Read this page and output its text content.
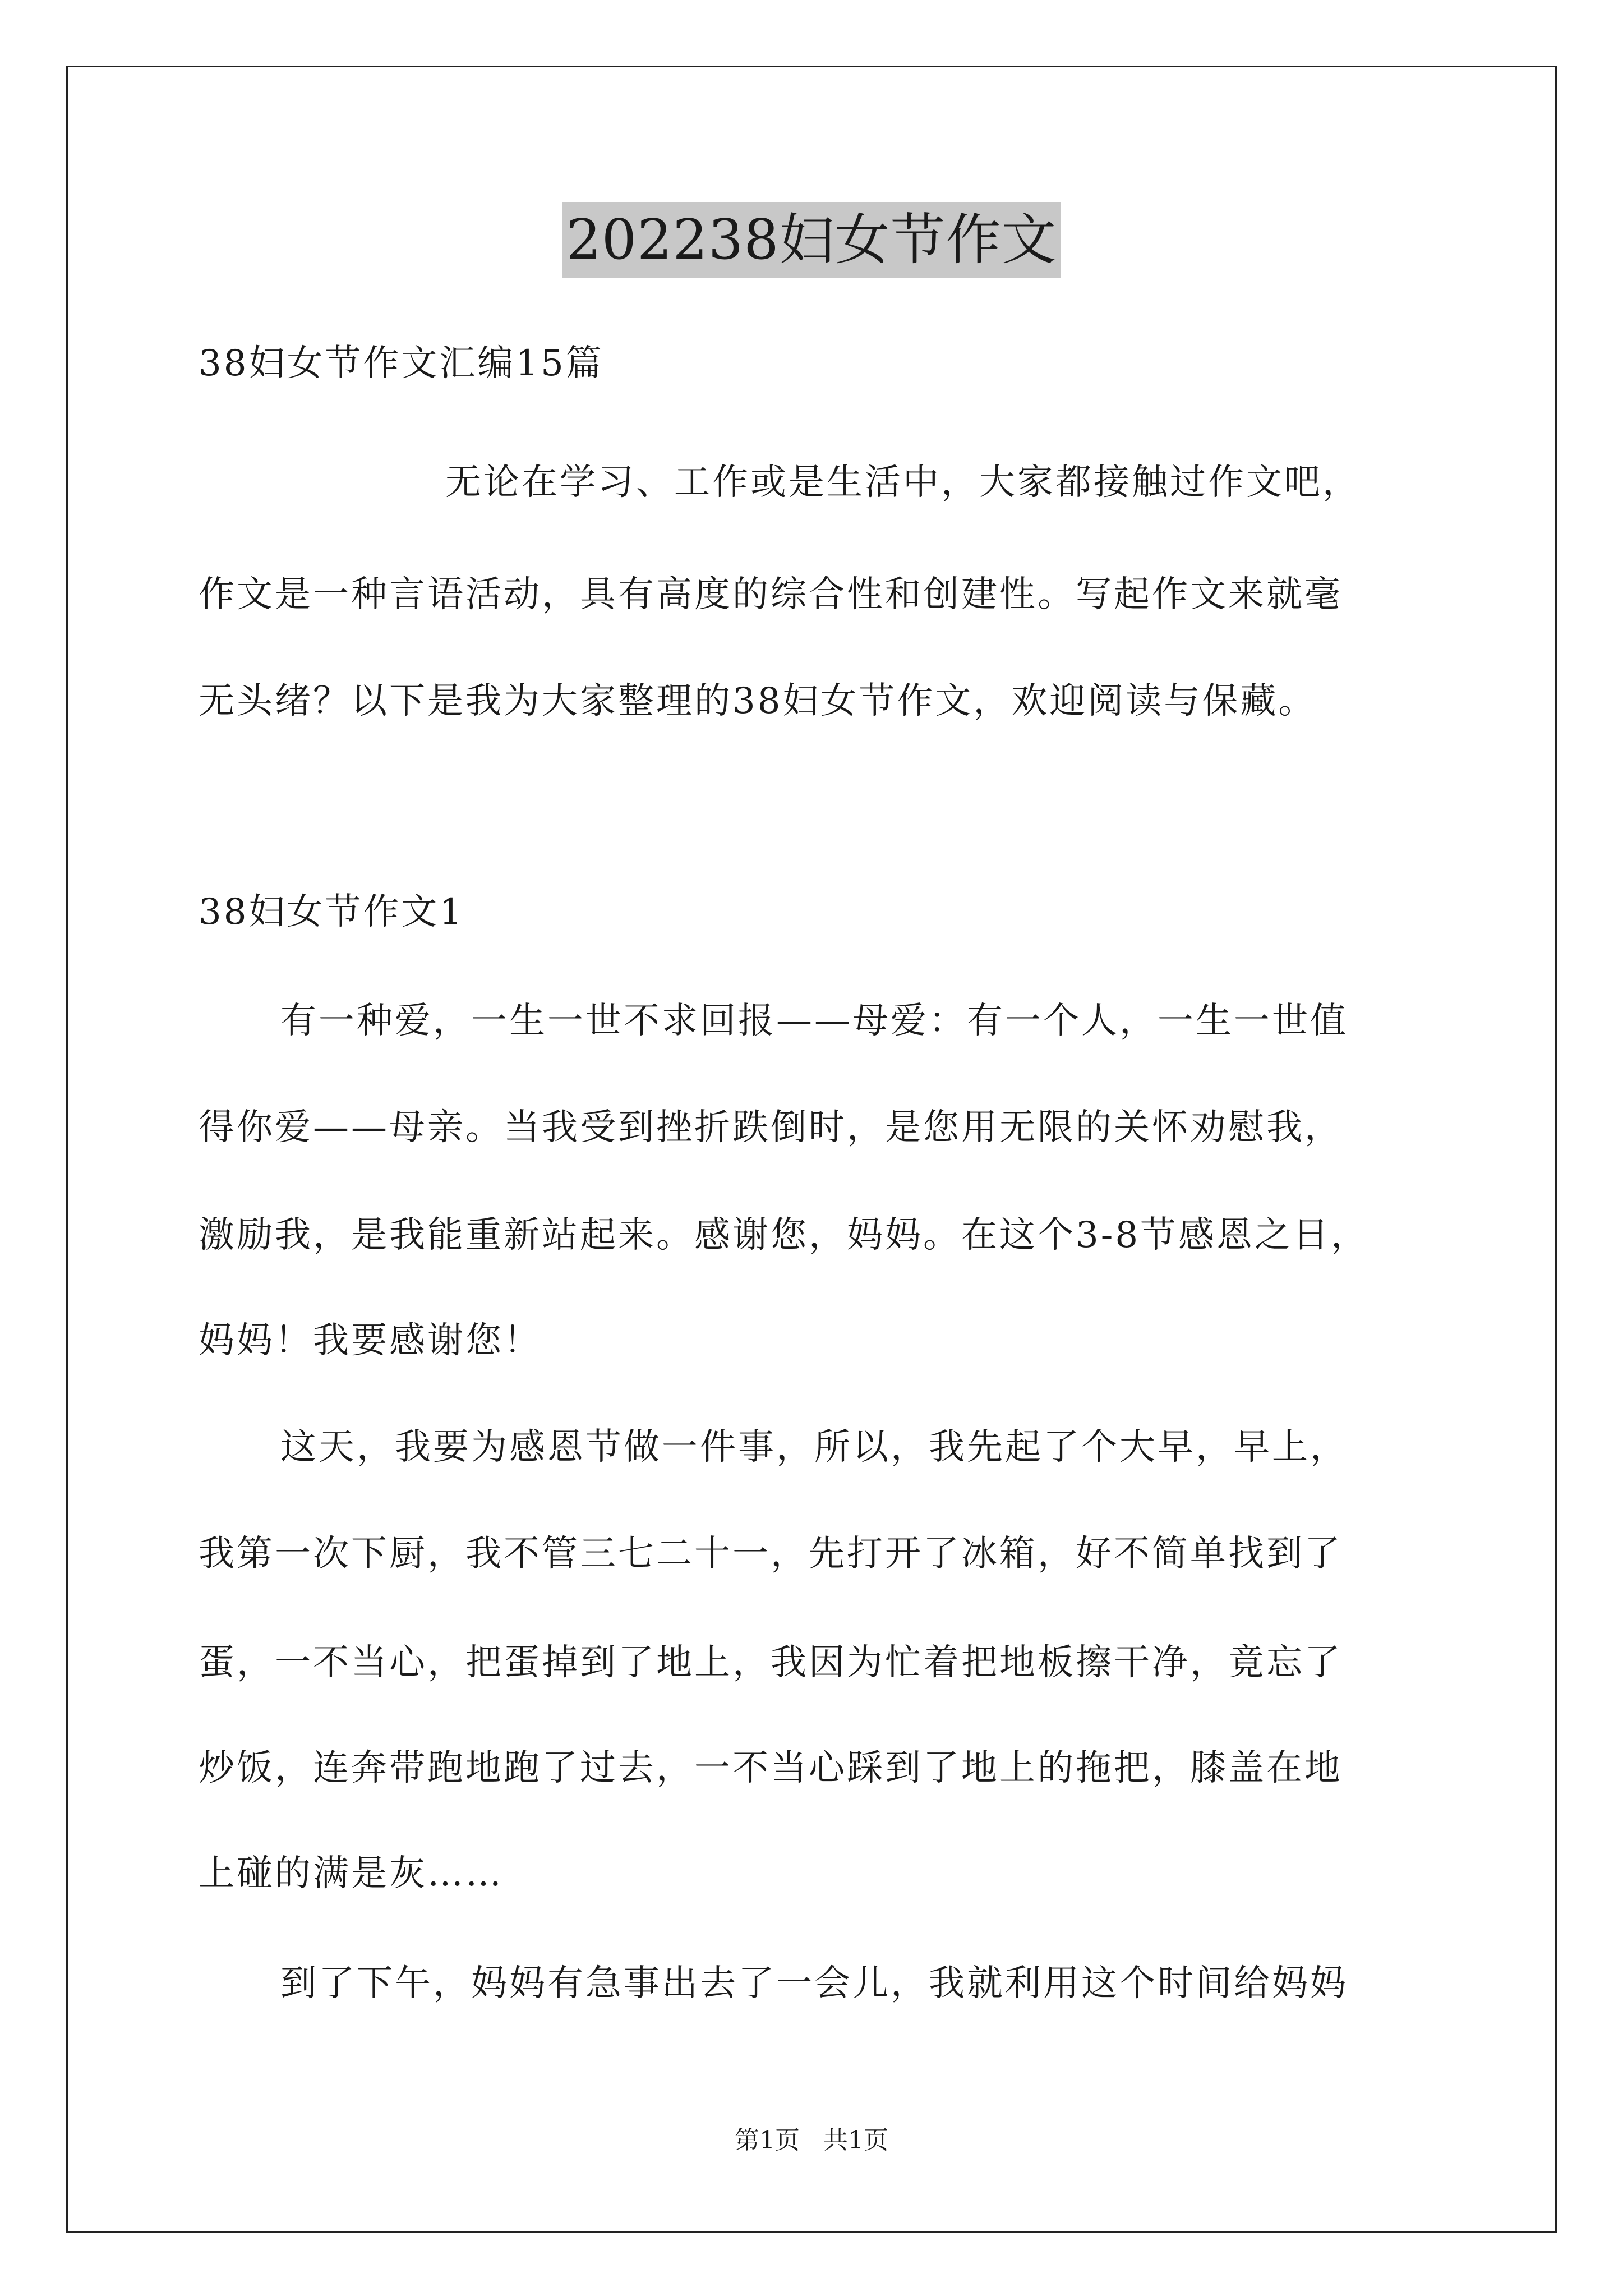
202238妇女节作文
38妇女节作文汇编15篇
无论在学习、工作或是生活中，大家都接触过作文吧，
作文是一种言语活动，具有高度的综合性和创建性。写起作文来就毫
无头绪？以下是我为大家整理的38妇女节作文，欢迎阅读与保藏。
38妇女节作文1
有一种爱，一生一世不求回报——母爱：有一个人，一生一世值
得你爱——母亲。当我受到挫折跌倒时，是您用无限的关怀劝慰我，
激励我，是我能重新站起来。感谢您，妈妈。在这个3-8节感恩之日，
妈妈！我要感谢您！
这天，我要为感恩节做一件事，所以，我先起了个大早，早上，
我第一次下厨，我不管三七二十一，先打开了冰箱，好不简单找到了
蛋，一不当心，把蛋掉到了地上，我因为忙着把地板擦干净，竟忘了
炒饭，连奔带跑地跑了过去，一不当心踩到了地上的拖把，膝盖在地
上碰的满是灰……
到了下午，妈妈有急事出去了一会儿，我就利用这个时间给妈妈
第1页   共1页
